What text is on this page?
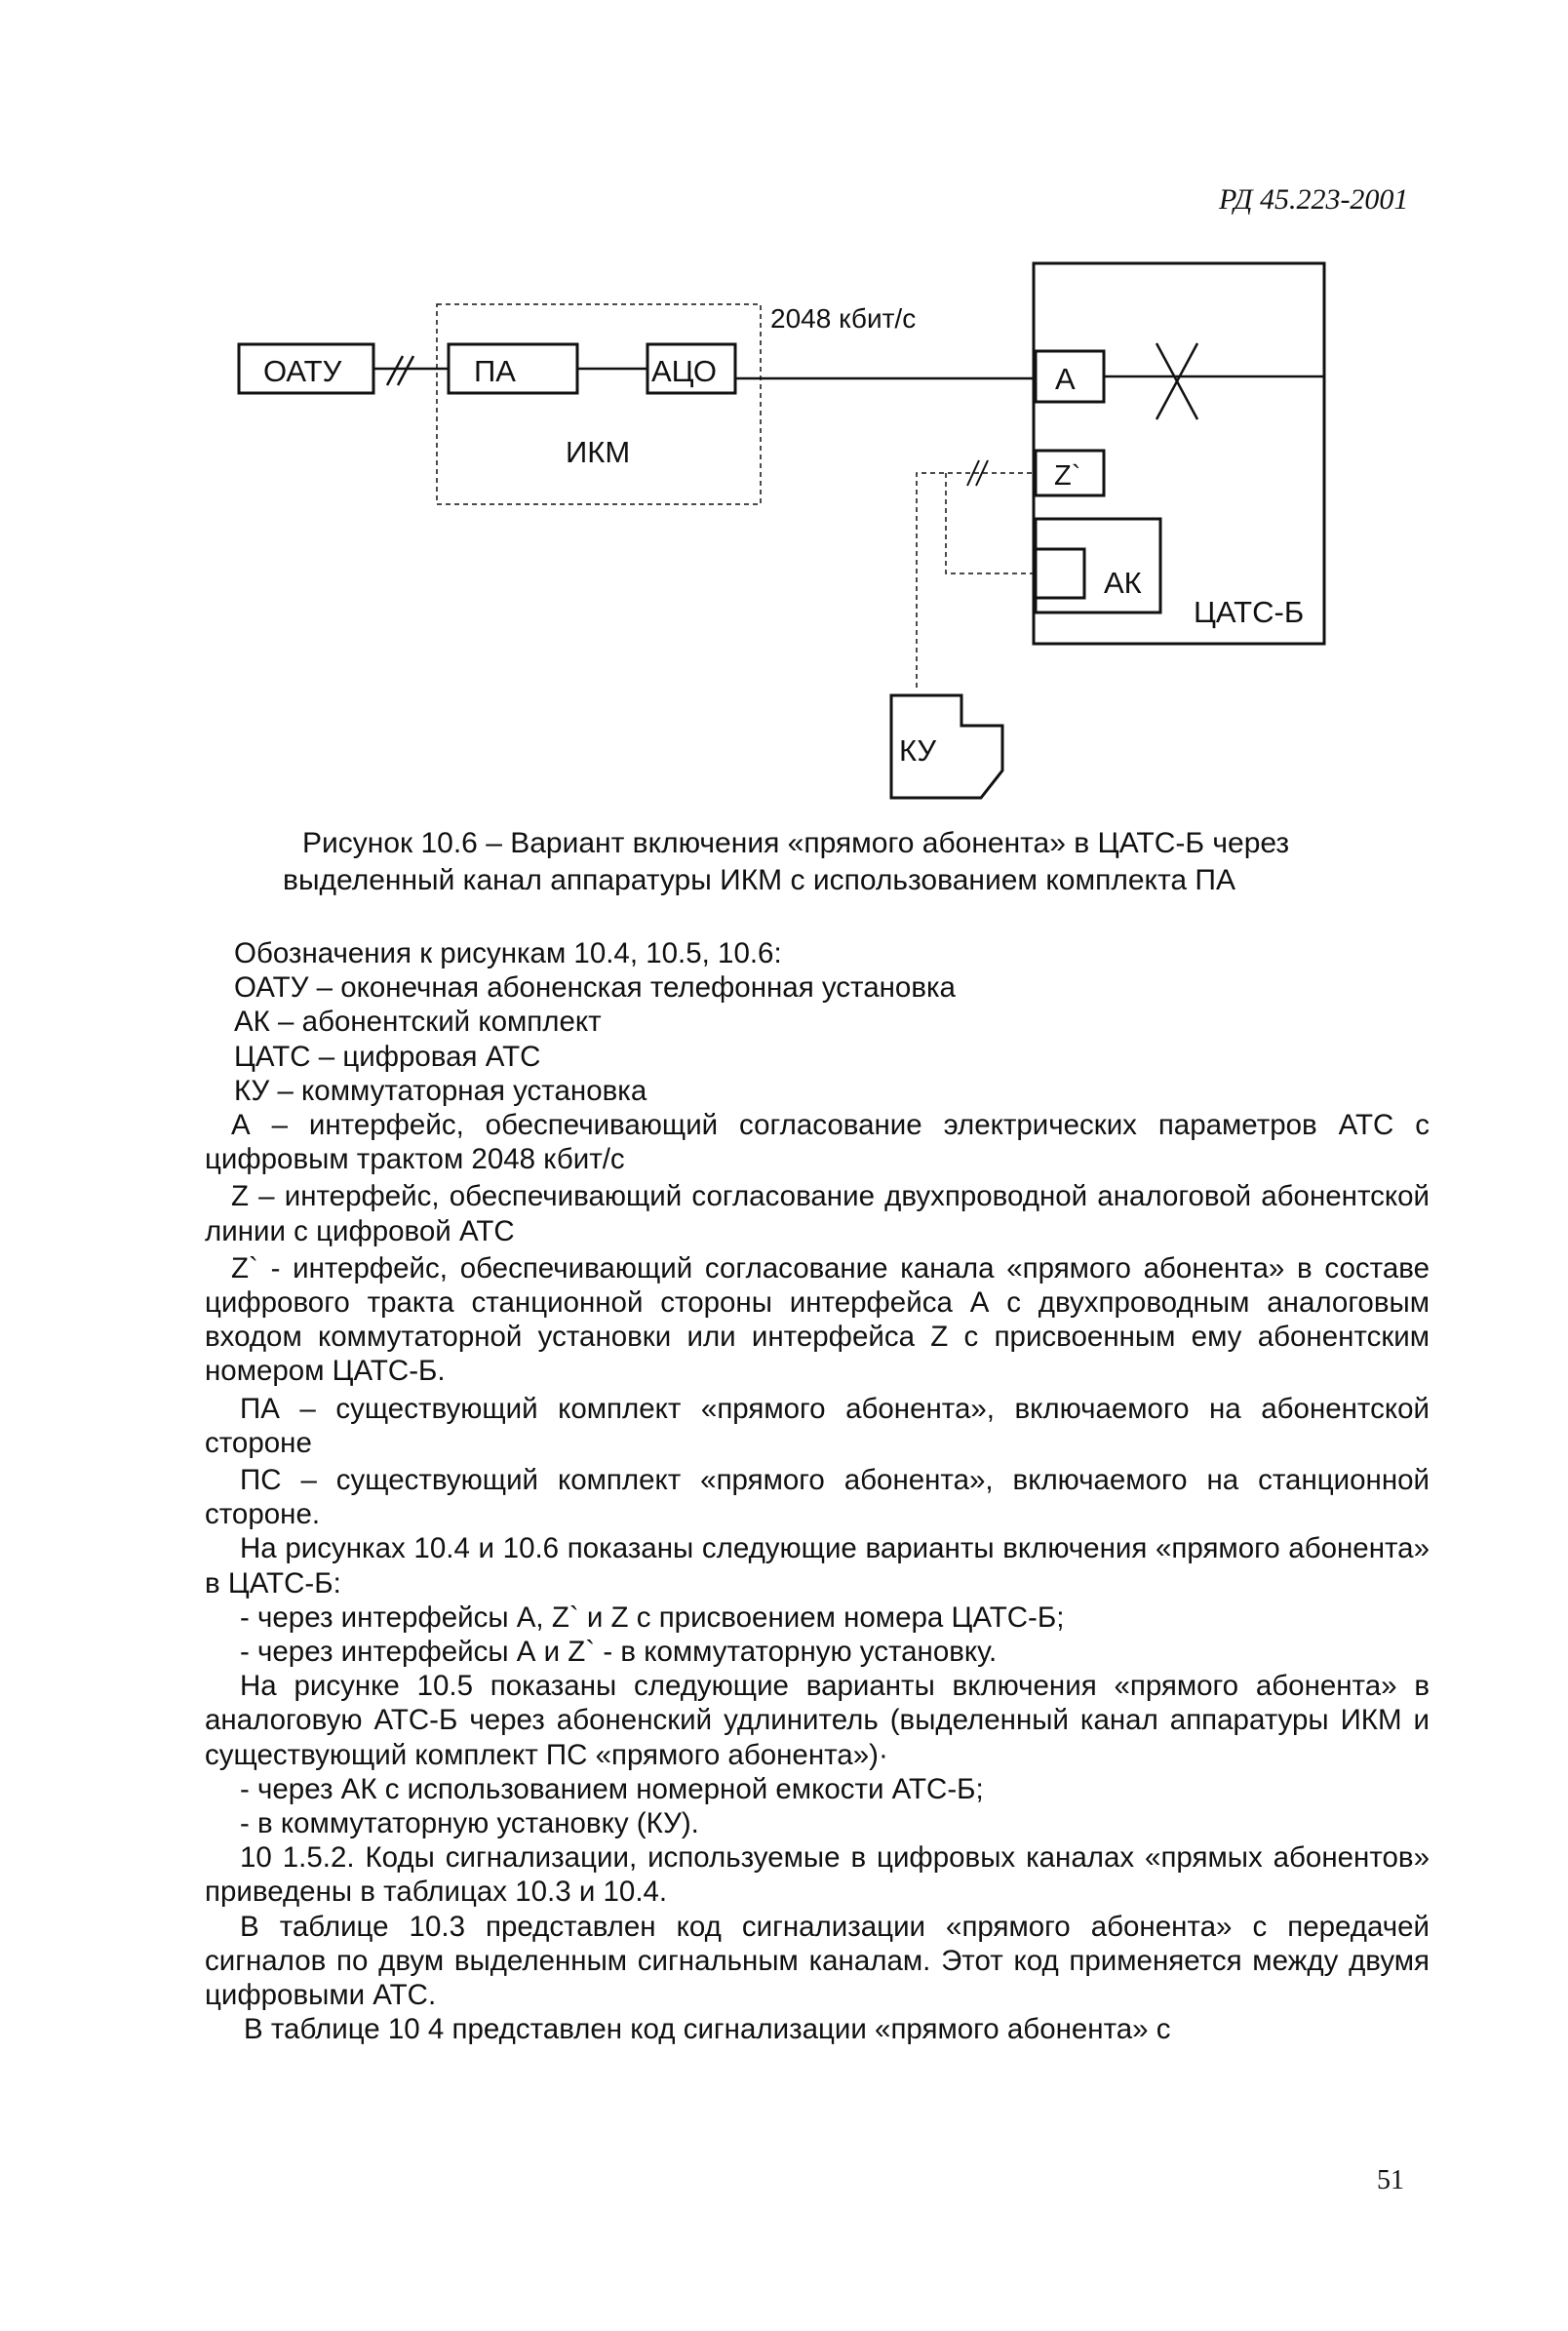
РД 45.223-2001
ОАТУ	ПА	АЦО
ИКМ
2048 кбит/с
А
Z`
АК
ЦАТС-Б
КУ
Рисунок 10.6 – Вариант включения «прямого абонента» в ЦАТС-Б через
выделенный канал аппаратуры ИКМ с использованием комплекта ПА

Обозначения к рисункам 10.4, 10.5, 10.6:

ОАТУ – оконечная абоненская телефонная установка

АК – абонентский комплект

ЦАТС – цифровая АТС

КУ – коммутаторная установка

А – интерфейс, обеспечивающий согласование электрических параметров АТС с цифровым трактом 2048 кбит/с

Z – интерфейс, обеспечивающий согласование двухпроводной аналоговой абонентской линии с цифровой АТС

Z` - интерфейс, обеспечивающий согласование канала «прямого абонента» в составе цифрового тракта станционной стороны интерфейса А с двухпроводным аналоговым входом коммутаторной установки или интерфейса Z с присвоенным ему абонентским номером ЦАТС-Б.

ПА – существующий комплект «прямого абонента», включаемого на абонентской стороне

ПС – существующий комплект «прямого абонента», включаемого на станционной стороне.

На рисунках 10.4 и 10.6 показаны следующие варианты включения «прямого абонента» в ЦАТС-Б:

- через интерфейсы А, Z` и Z с присвоением номера ЦАТС-Б;

- через интерфейсы А и Z` - в коммутаторную установку.

На рисунке 10.5 показаны следующие варианты включения «прямого абонента» в аналоговую АТС-Б через абоненский удлинитель (выделенный канал аппаратуры ИКМ и существующий комплект ПС «прямого абонента»)·

- через АК с использованием номерной емкости АТС-Б;

- в коммутаторную установку (КУ).

10 1.5.2. Коды сигнализации, используемые в цифровых каналах «прямых абонентов» приведены в таблицах 10.3 и 10.4.

В таблице 10.3 представлен код сигнализации «прямого абонента» с передачей сигналов по двум выделенным сигнальным каналам. Этот код применяется между двумя цифровыми АТС.

В таблице 10 4 представлен код сигнализации «прямого абонента» с

51
